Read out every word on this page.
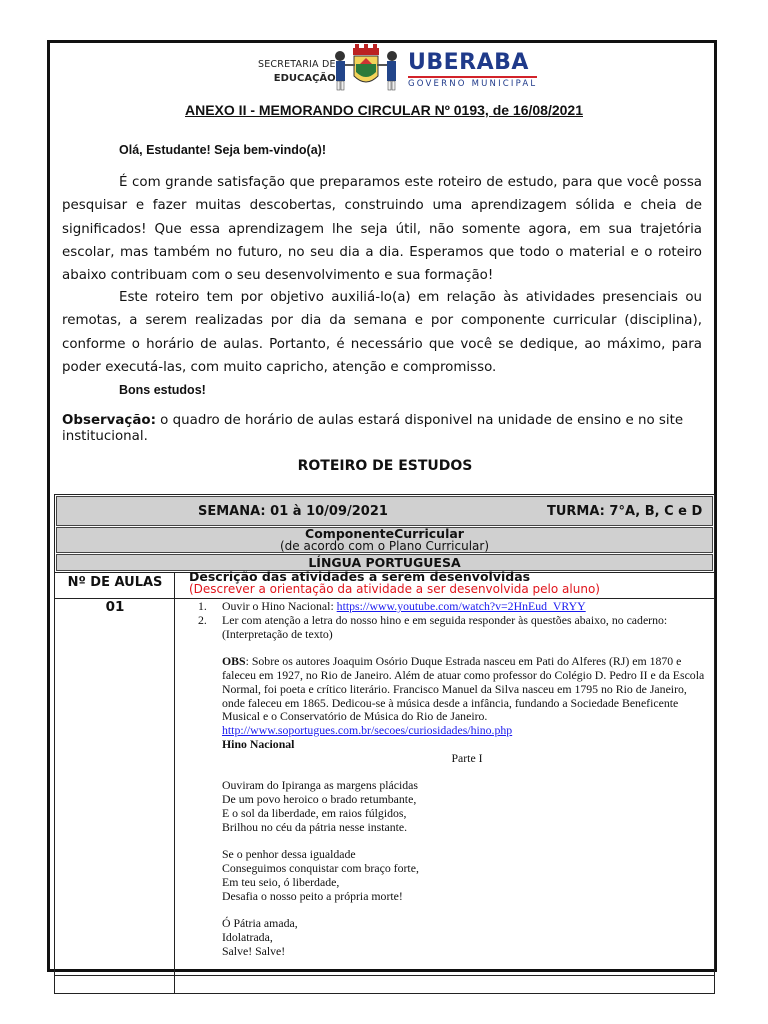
SECRETARIA DE
EDUCAÇÃO
UBERABA
GOVERNO MUNICIPAL
ANEXO II - MEMORANDO CIRCULAR Nº 0193, de 16/08/2021
Olá, Estudante! Seja bem-vindo(a)!
É com grande satisfação que preparamos este roteiro de estudo, para que você possa pesquisar e fazer muitas descobertas, construindo uma aprendizagem sólida e cheia de significados! Que essa aprendizagem lhe seja útil, não somente agora, em sua trajetória escolar, mas também no futuro, no seu dia a dia. Esperamos que todo o material e o roteiro abaixo contribuam com o seu desenvolvimento e sua formação!
Este roteiro tem por objetivo auxiliá-lo(a) em relação às atividades presenciais ou remotas, a serem realizadas por dia da semana e por componente curricular (disciplina), conforme o horário de aulas. Portanto, é necessário que você se dedique, ao máximo, para poder executá-las, com muito capricho, atenção e compromisso.
Bons estudos!
Observação: o quadro de horário de aulas estará disponivel na unidade de ensino e no site institucional.
ROTEIRO DE ESTUDOS
SEMANA: 01 à 10/09/2021	TURMA: 7°A, B, C e D
ComponenteCurricular
(de acordo com o Plano Curricular)
LÍNGUA PORTUGUESA
Nº DE AULAS	Descrição das atividades a serem desenvolvidas
(Descrever a orientação da atividade a ser desenvolvida pelo aluno)
01	1. Ouvir o Hino Nacional: https://www.youtube.com/watch?v=2HnEud_VRYY
2. Ler com atenção a letra do nosso hino e em seguida responder às questões abaixo, no caderno: (Interpretação de texto)
OBS: Sobre os autores Joaquim Osório Duque Estrada nasceu em Pati do Alferes (RJ) em 1870 e faleceu em 1927, no Rio de Janeiro. Além de atuar como professor do Colégio D. Pedro II e da Escola Normal, foi poeta e crítico literário. Francisco Manuel da Silva nasceu em 1795 no Rio de Janeiro, onde faleceu em 1865. Dedicou-se à música desde a infância, fundando a Sociedade Beneficente Musical e o Conservatório de Música do Rio de Janeiro.
http://www.soportugues.com.br/secoes/curiosidades/hino.php
Hino Nacional
Parte I
Ouviram do Ipiranga as margens plácidas
De um povo heroico o brado retumbante,
E o sol da liberdade, em raios fúlgidos,
Brilhou no céu da pátria nesse instante.
Se o penhor dessa igualdade
Conseguimos conquistar com braço forte,
Em teu seio, ó liberdade,
Desafia o nosso peito a própria morte!
Ó Pátria amada,
Idolatrada,
Salve! Salve!
